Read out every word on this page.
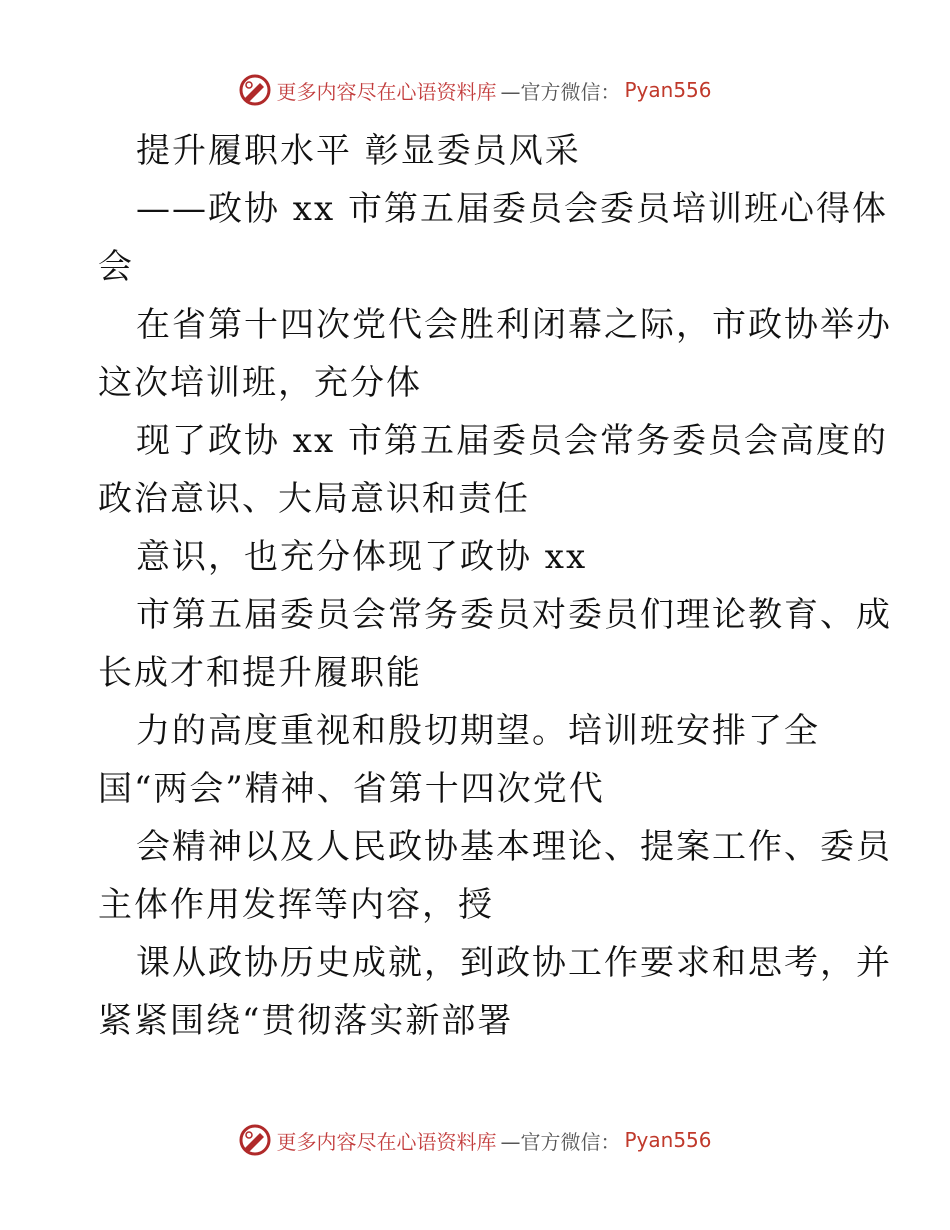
更多内容尽在心语资料库 —官方微信： Pyan556
提升履职水平 彰显委员风采
——政协 xx 市第五届委员会委员培训班心得体
会
在省第十四次党代会胜利闭幕之际，市政协举办
这次培训班，充分体
现了政协 xx 市第五届委员会常务委员会高度的
政治意识、大局意识和责任
意识，也充分体现了政协 xx
市第五届委员会常务委员对委员们理论教育、成
长成才和提升履职能
力的高度重视和殷切期望。培训班安排了全
国“两会”精神、省第十四次党代
会精神以及人民政协基本理论、提案工作、委员
主体作用发挥等内容，授
课从政协历史成就，到政协工作要求和思考，并
紧紧围绕“贯彻落实新部署
更多内容尽在心语资料库 —官方微信： Pyan556
